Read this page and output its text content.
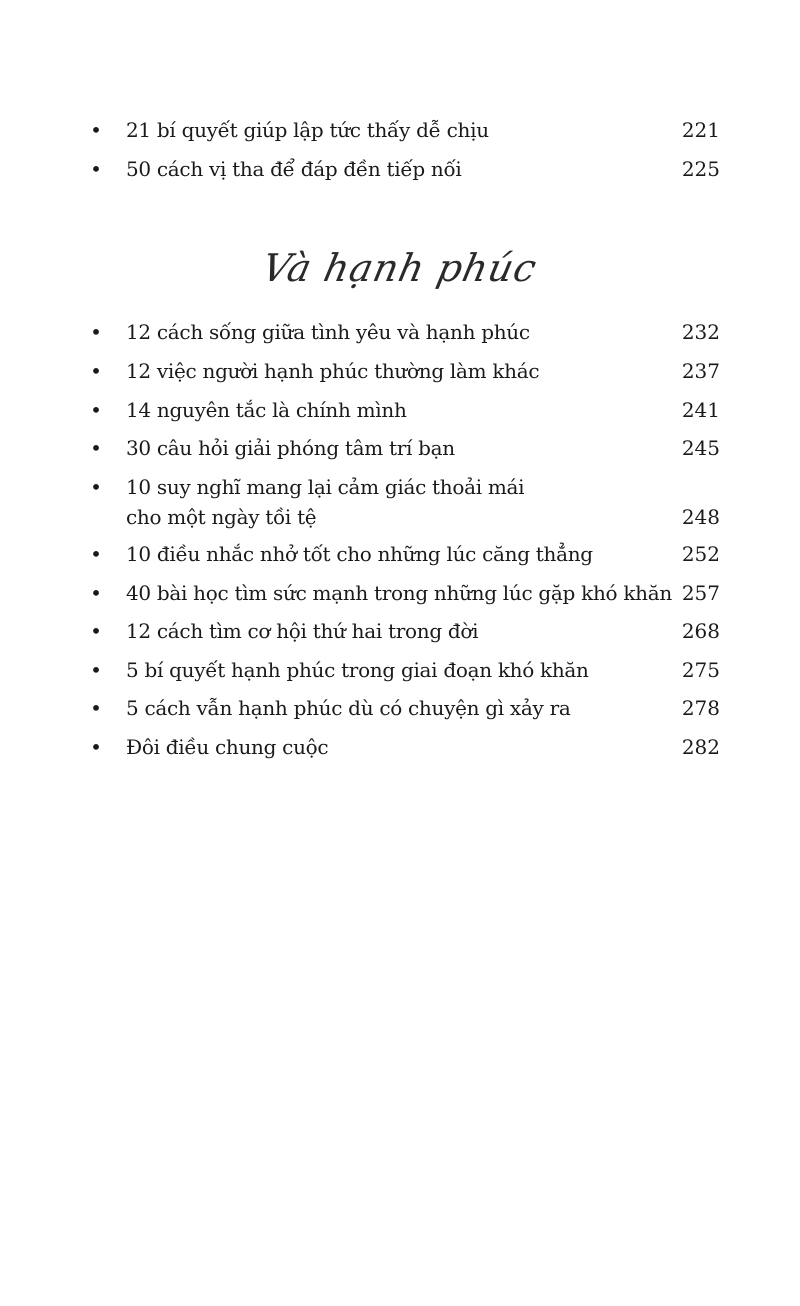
• 21 bí quyết giúp lập tức thấy dễ chịu	221
• 50 cách vị tha để đáp đền tiếp nối	225
Và hạnh phúc
• 12 cách sống giữa tình yêu và hạnh phúc	232
• 12 việc người hạnh phúc thường làm khác	237
• 14 nguyên tắc là chính mình	241
• 30 câu hỏi giải phóng tâm trí bạn	245
• 10 suy nghĩ mang lại cảm giác thoải mái
cho một ngày tồi tệ	248
• 10 điều nhắc nhở tốt cho những lúc căng thẳng	252
• 40 bài học tìm sức mạnh trong những lúc gặp khó khăn 257
• 12 cách tìm cơ hội thứ hai trong đời	268
• 5 bí quyết hạnh phúc trong giai đoạn khó khăn	275
• 5 cách vẫn hạnh phúc dù có chuyện gì xảy ra	278
• Đôi điều chung cuộc	282
